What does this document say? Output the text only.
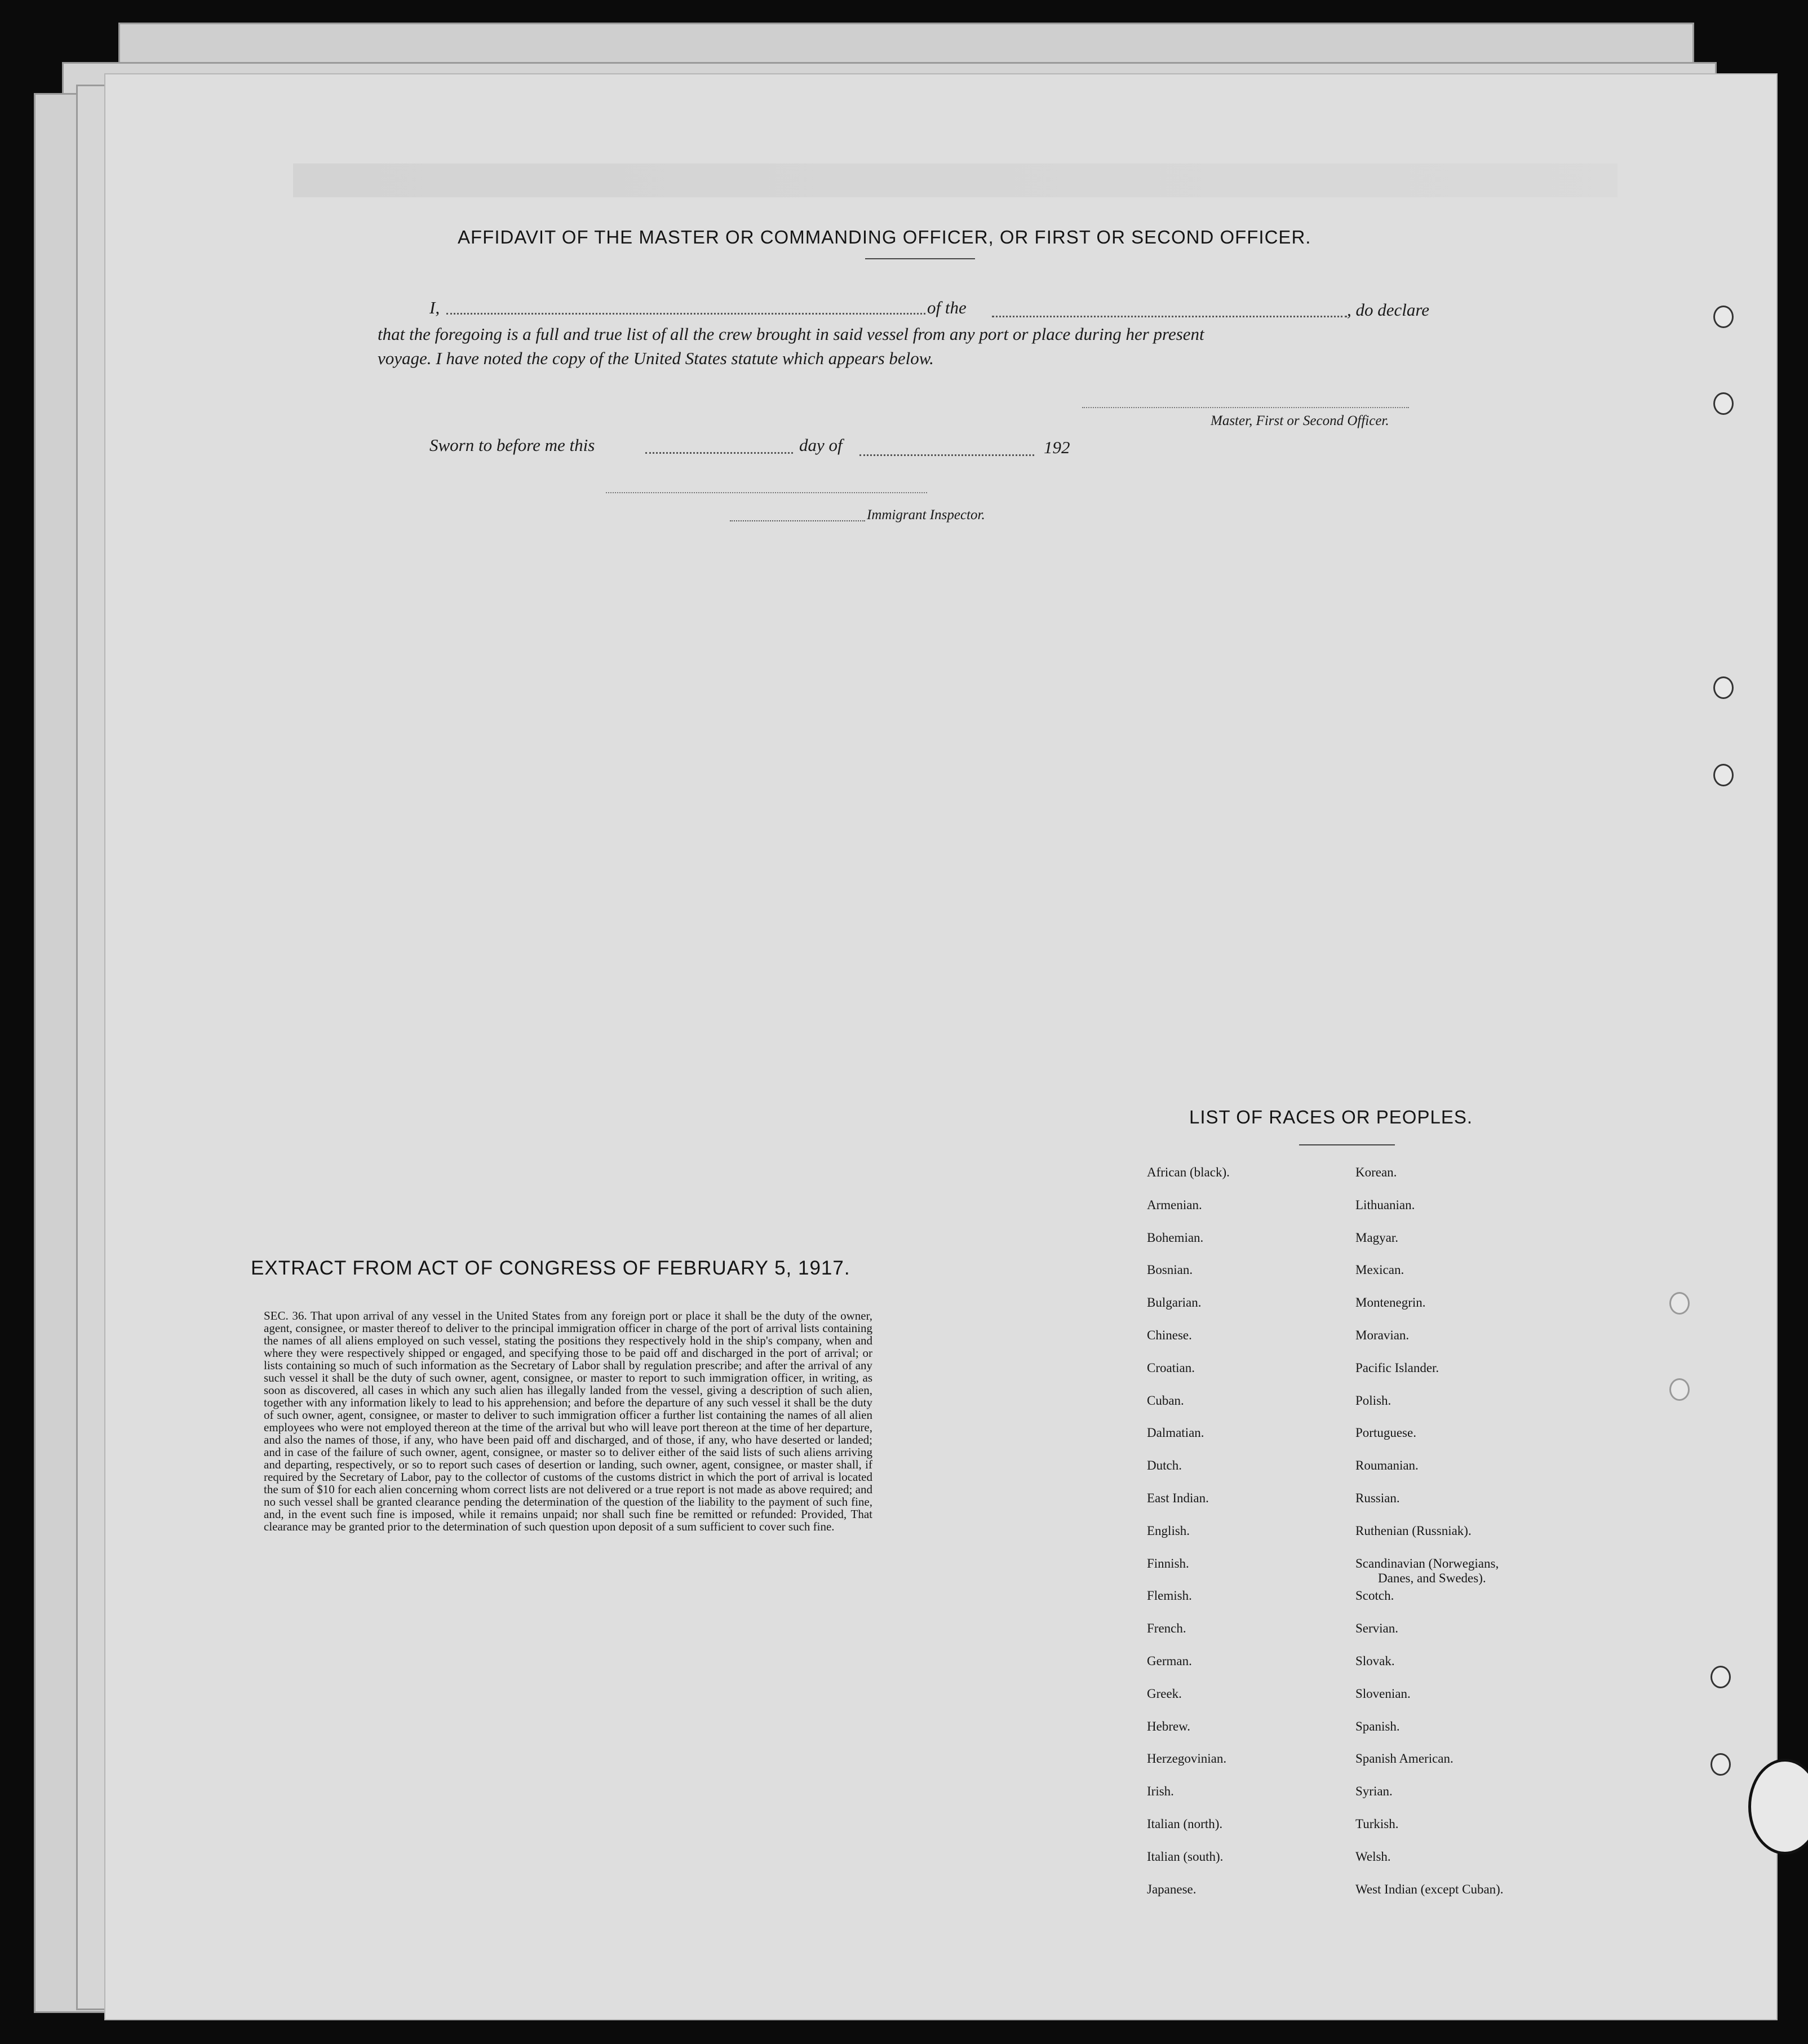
AFFIDAVIT OF THE MASTER OR COMMANDING OFFICER, OR FIRST OR SECOND OFFICER.
I,	of the	, do declare
that the foregoing is a full and true list of all the crew brought in said vessel from any port or place during her present
voyage. I have noted the copy of the United States statute which appears below.
Master, First or Second Officer.
Sworn to before me this	day of	192
Immigrant Inspector.
EXTRACT FROM ACT OF CONGRESS OF FEBRUARY 5, 1917.
SEC. 36. That upon arrival of any vessel in the United States from any foreign port or place it shall be the duty of the owner, agent, consignee, or master thereof to deliver to the principal immigration officer in charge of the port of arrival lists containing the names of all aliens employed on such vessel, stating the positions they respectively hold in the ship's company, when and where they were respectively shipped or engaged, and specifying those to be paid off and discharged in the port of arrival; or lists containing so much of such information as the Secretary of Labor shall by regulation prescribe; and after the arrival of any such vessel it shall be the duty of such owner, agent, consignee, or master to report to such immigration officer, in writing, as soon as discovered, all cases in which any such alien has illegally landed from the vessel, giving a description of such alien, together with any information likely to lead to his apprehension; and before the departure of any such vessel it shall be the duty of such owner, agent, consignee, or master to deliver to such immigration officer a further list containing the names of all alien employees who were not employed thereon at the time of the arrival but who will leave port thereon at the time of her departure, and also the names of those, if any, who have been paid off and discharged, and of those, if any, who have deserted or landed; and in case of the failure of such owner, agent, consignee, or master so to deliver either of the said lists of such aliens arriving and departing, respectively, or so to report such cases of desertion or landing, such owner, agent, consignee, or master shall, if required by the Secretary of Labor, pay to the collector of customs of the customs district in which the port of arrival is located the sum of $10 for each alien concerning whom correct lists are not delivered or a true report is not made as above required; and no such vessel shall be granted clearance pending the determination of the question of the liability to the payment of such fine, and, in the event such fine is imposed, while it remains unpaid; nor shall such fine be remitted or refunded: Provided, That clearance may be granted prior to the determination of such question upon deposit of a sum sufficient to cover such fine.
LIST OF RACES OR PEOPLES.
African (black).
Armenian.
Bohemian.
Bosnian.
Bulgarian.
Chinese.
Croatian.
Cuban.
Dalmatian.
Dutch.
East Indian.
English.
Finnish.
Flemish.
French.
German.
Greek.
Hebrew.
Herzegovinian.
Irish.
Italian (north).
Italian (south).
Japanese.
Korean.
Lithuanian.
Magyar.
Mexican.
Montenegrin.
Moravian.
Pacific Islander.
Polish.
Portuguese.
Roumanian.
Russian.
Ruthenian (Russniak).
Scandinavian (Norwegians,
Danes, and Swedes).
Scotch.
Servian.
Slovak.
Slovenian.
Spanish.
Spanish American.
Syrian.
Turkish.
Welsh.
West Indian (except Cuban).
